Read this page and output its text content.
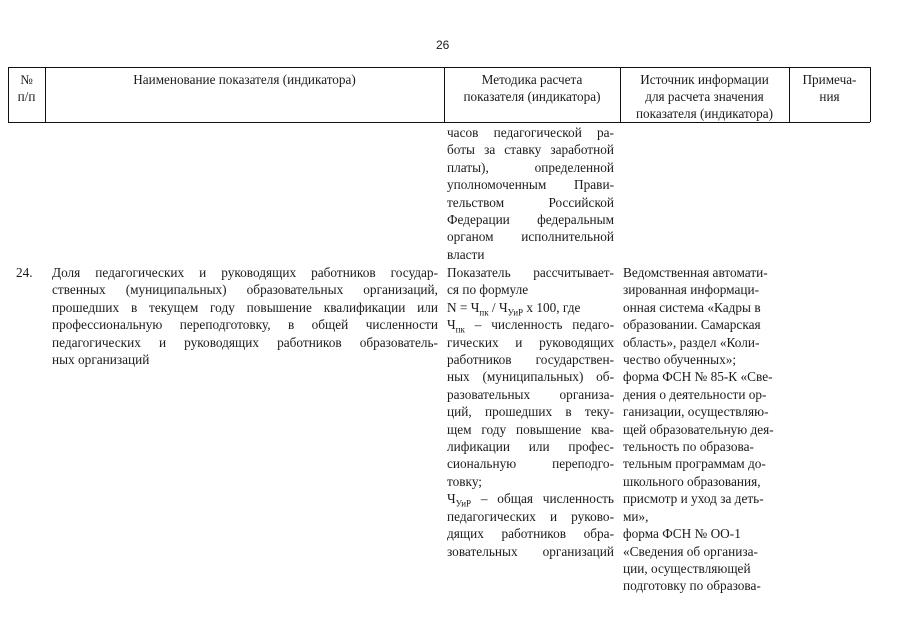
26
№
п/п
Наименование показателя (индикатора)	Методика расчета
показателя (индикатора)
Источник информации
для расчета значения
показателя (индикатора)
Примеча-
ния
часов педагогической ра-
боты за ставку заработной
платы), определенной
уполномоченным Прави-
тельством Российской
Федерации федеральным
органом исполнительной
власти
24. Доля педагогических и руководящих работников государ-
ственных (муниципальных) образовательных организаций,
прошедших в текущем году повышение квалификации или
профессиональную переподготовку, в общей численности
педагогических и руководящих работников образователь-
ных организаций
Показатель рассчитывает-
ся по формуле
$N = Ч_{пк} / Ч_{УиР}$ x 100, где
$Ч_{пк}$ – численность педаго-
гических и руководящих
работников государствен-
ных (муниципальных) об-
разовательных организа-
ций, прошедших в теку-
щем году повышение ква-
лификации или профес-
сиональную переподго-
товку;
$Ч_{УиР}$ – общая численность
педагогических и руково-
дящих работников обра-
зовательных организаций
Ведомственная автомати-
зированная информаци-
онная система «Кадры в
образовании. Самарская
область», раздел «Коли-
чество обученных»;
форма ФСН № 85-К «Све-
дения о деятельности ор-
ганизации, осуществляю-
щей образовательную дея-
тельность по образова-
тельным программам до-
школьного образования,
присмотр и уход за деть-
ми»,
форма ФСН № ОО-1
«Сведения об организа-
ции, осуществляющей
подготовку по образова-
